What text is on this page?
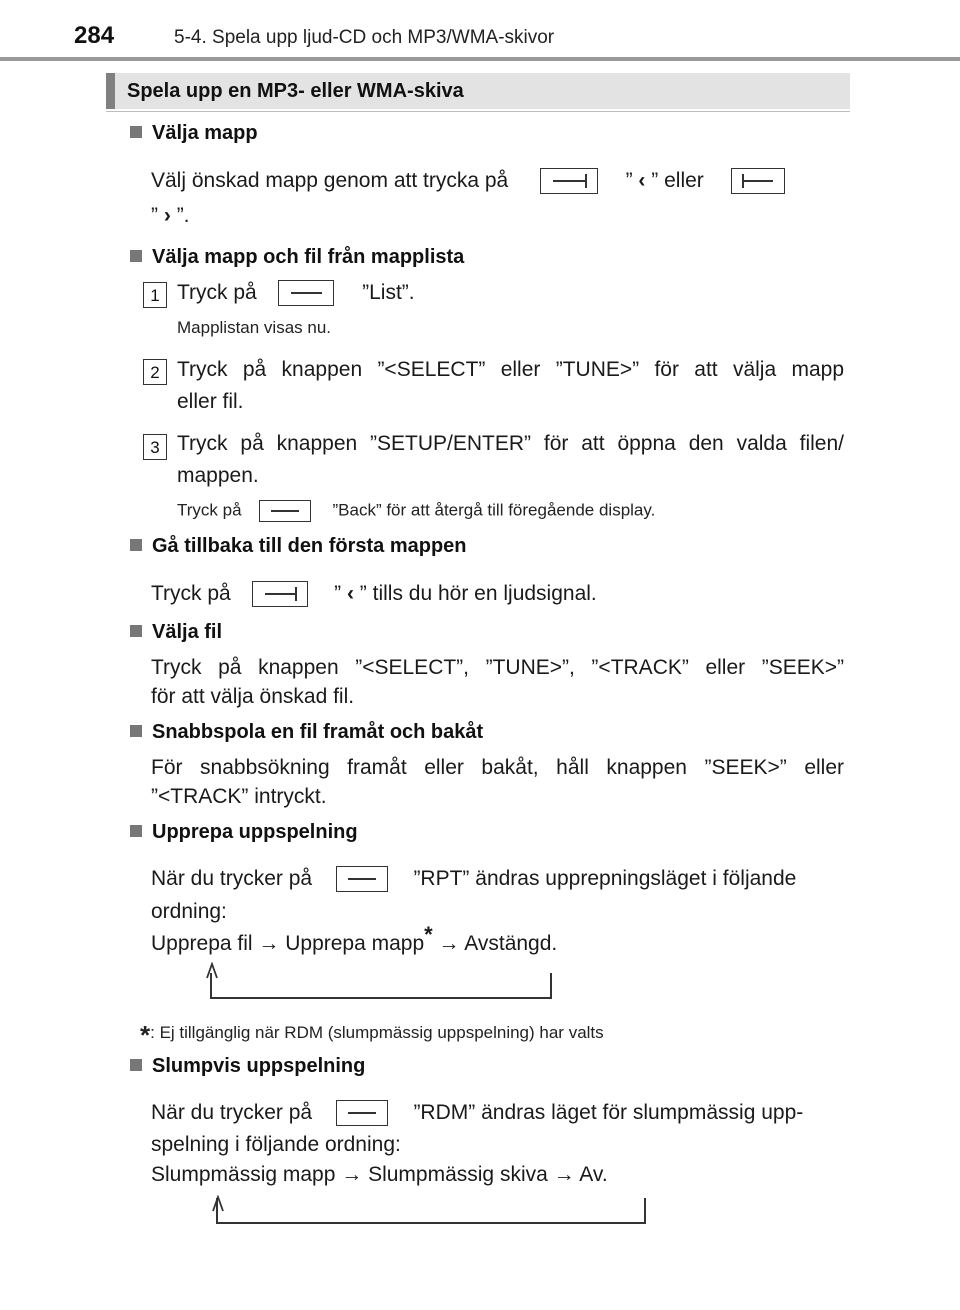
284	5-4. Spela upp ljud-CD och MP3/WMA-skivor
Spela upp en MP3- eller WMA-skiva
Välja mapp
Välj önskad mapp genom att trycka på	” ‹ ” eller
” › ”.
Välja mapp och fil från mapplista
1 Tryck på	”List”.
Mapplistan visas nu.
2 Tryck på knappen ”<SELECT” eller ”TUNE>” för att välja mapp
eller fil.
3 Tryck på knappen ”SETUP/ENTER” för att öppna den valda filen/
mappen.
Tryck på	”Back” för att återgå till föregående display.
Gå tillbaka till den första mappen
Tryck på	” ‹ ” tills du hör en ljudsignal.
Välja fil
Tryck på knappen ”<SELECT”, ”TUNE>”, ”<TRACK” eller ”SEEK>”
för att välja önskad fil.
Snabbspola en fil framåt och bakåt
För snabbsökning framåt eller bakåt, håll knappen ”SEEK>” eller
”<TRACK” intryckt.
Upprepa uppspelning
När du trycker på	”RPT” ändras upprepningsläget i följande
ordning:
Upprepa fil → Upprepa mapp* → Avstängd.
*: Ej tillgänglig när RDM (slumpmässig uppspelning) har valts
Slumpvis uppspelning
När du trycker på	”RDM” ändras läget för slumpmässig upp-
spelning i följande ordning:
Slumpmässig mapp → Slumpmässig skiva → Av.
